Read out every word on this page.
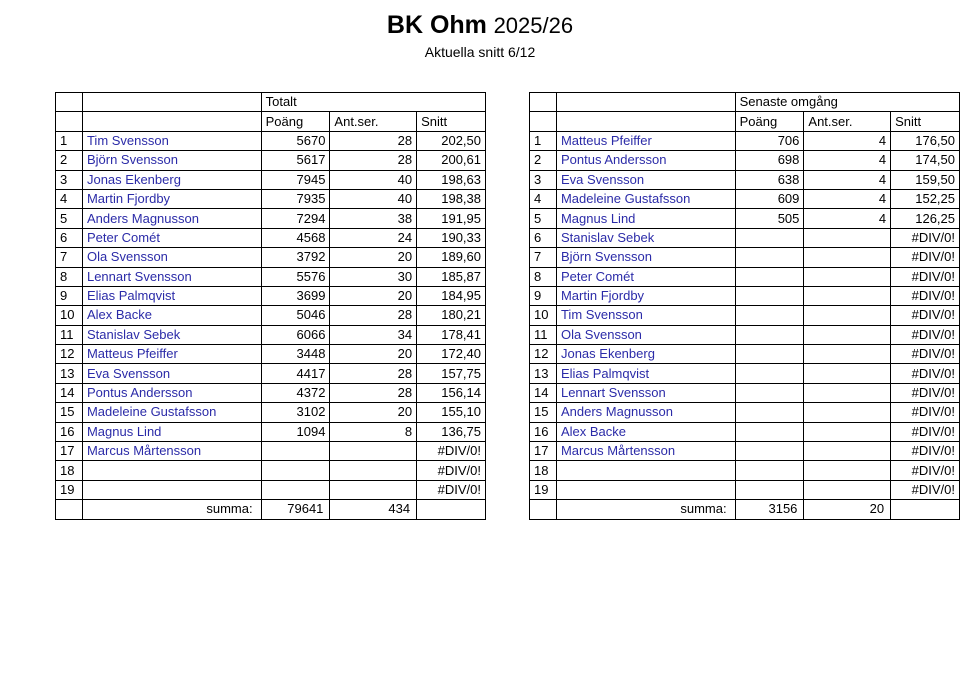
BK Ohm 2025/26
Aktuella snitt 6/12
		Totalt		
		Poäng	Ant.ser.	Snitt
1	Tim Svensson	5670	28	202,50
2	Björn Svensson	5617	28	200,61
3	Jonas Ekenberg	7945	40	198,63
4	Martin Fjordby	7935	40	198,38
5	Anders Magnusson	7294	38	191,95
6	Peter Comét	4568	24	190,33
7	Ola Svensson	3792	20	189,60
8	Lennart Svensson	5576	30	185,87
9	Elias Palmqvist	3699	20	184,95
10	Alex Backe	5046	28	180,21
11	Stanislav Sebek	6066	34	178,41
12	Matteus Pfeiffer	3448	20	172,40
13	Eva Svensson	4417	28	157,75
14	Pontus Andersson	4372	28	156,14
15	Madeleine Gustafsson	3102	20	155,10
16	Magnus Lind	1094	8	136,75
17	Marcus Mårtensson			#DIV/0!
18				#DIV/0!
19				#DIV/0!
	summa:	79641	434	
		Senaste omgång		
		Poäng	Ant.ser.	Snitt
1	Matteus Pfeiffer	706	4	176,50
2	Pontus Andersson	698	4	174,50
3	Eva Svensson	638	4	159,50
4	Madeleine Gustafsson	609	4	152,25
5	Magnus Lind	505	4	126,25
6	Stanislav Sebek			#DIV/0!
7	Björn Svensson			#DIV/0!
8	Peter Comét			#DIV/0!
9	Martin Fjordby			#DIV/0!
10	Tim Svensson			#DIV/0!
11	Ola Svensson			#DIV/0!
12	Jonas Ekenberg			#DIV/0!
13	Elias Palmqvist			#DIV/0!
14	Lennart Svensson			#DIV/0!
15	Anders Magnusson			#DIV/0!
16	Alex Backe			#DIV/0!
17	Marcus Mårtensson			#DIV/0!
18				#DIV/0!
19				#DIV/0!
	summa:	3156	20	
